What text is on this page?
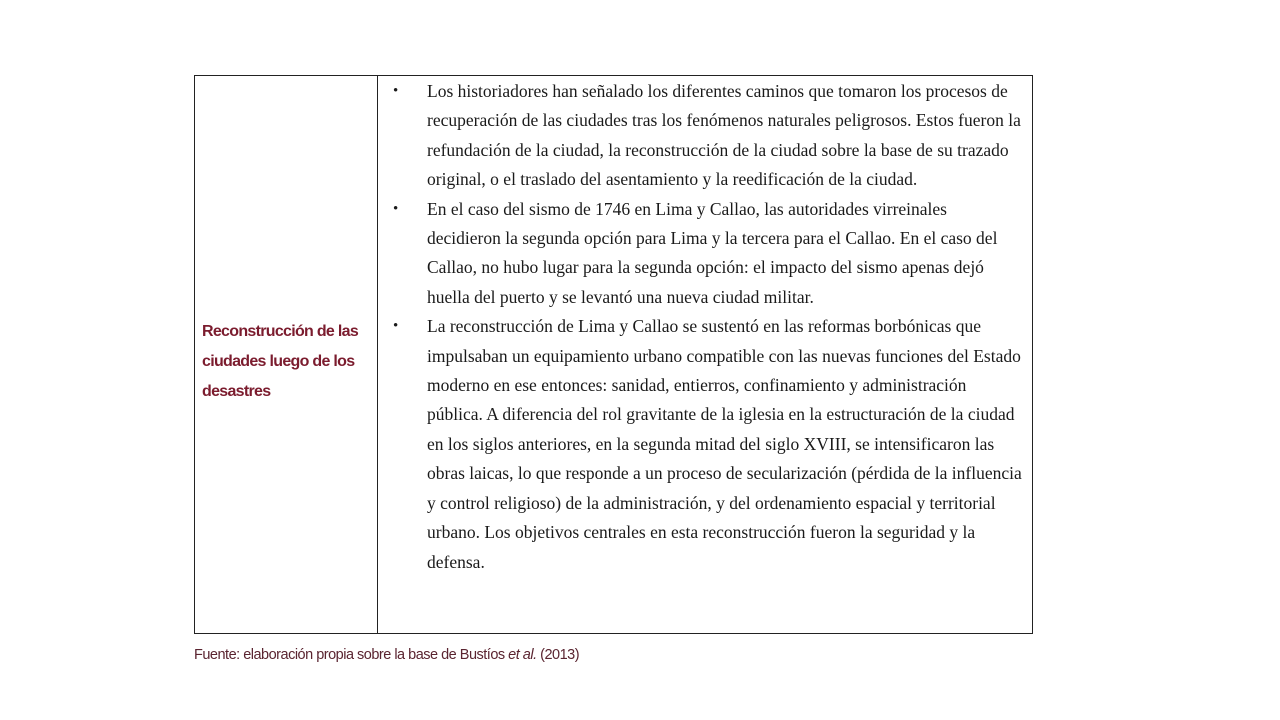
Reconstrucción de las ciudades luego de los desastres

• Los historiadores han señalado los diferentes caminos que tomaron los procesos de recuperación de las ciudades tras los fenómenos naturales peligrosos. Estos fueron la refundación de la ciudad, la reconstrucción de la ciudad sobre la base de su trazado original, o el traslado del asentamiento y la reedificación de la ciudad.
• En el caso del sismo de 1746 en Lima y Callao, las autoridades virreinales decidieron la segunda opción para Lima y la tercera para el Callao. En el caso del Callao, no hubo lugar para la segunda opción: el impacto del sismo apenas dejó huella del puerto y se levantó una nueva ciudad militar.
• La reconstrucción de Lima y Callao se sustentó en las reformas borbónicas que impulsaban un equipamiento urbano compatible con las nuevas funciones del Estado moderno en ese entonces: sanidad, entierros, confinamiento y administración pública. A diferencia del rol gravitante de la iglesia en la estructuración de la ciudad en los siglos anteriores, en la segunda mitad del siglo XVIII, se intensificaron las obras laicas, lo que responde a un proceso de secularización (pérdida de la influencia y control religioso) de la administración, y del ordenamiento espacial y territorial urbano. Los objetivos centrales en esta reconstrucción fueron la seguridad y la defensa.

Fuente: elaboración propia sobre la base de Bustíos et al. (2013)
